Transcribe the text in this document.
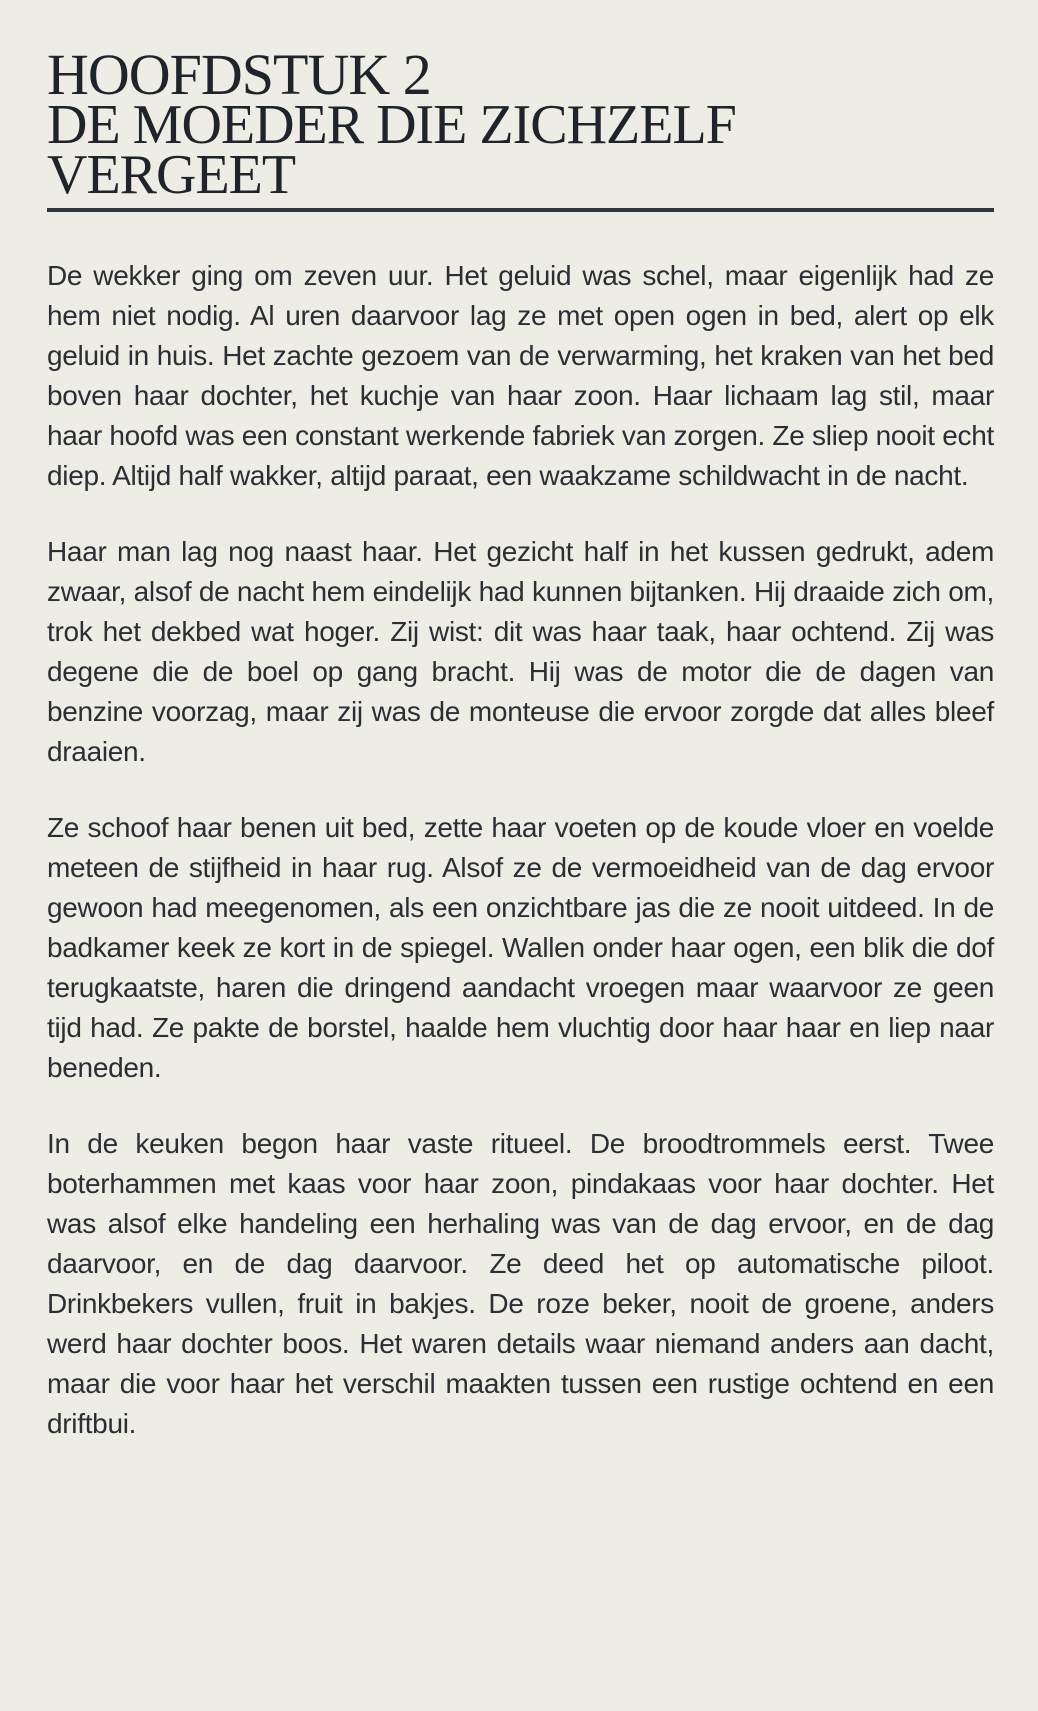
HOOFDSTUK 2
DE MOEDER DIE ZICHZELF VERGEET

De wekker ging om zeven uur. Het geluid was schel, maar eigenlijk had ze hem niet nodig. Al uren daarvoor lag ze met open ogen in bed, alert op elk geluid in huis. Het zachte gezoem van de verwarming, het kraken van het bed boven haar dochter, het kuchje van haar zoon. Haar lichaam lag stil, maar haar hoofd was een constant werkende fabriek van zorgen. Ze sliep nooit echt diep. Altijd half wakker, altijd paraat, een waakzame schildwacht in de nacht.

Haar man lag nog naast haar. Het gezicht half in het kussen gedrukt, adem zwaar, alsof de nacht hem eindelijk had kunnen bijtanken. Hij draaide zich om, trok het dekbed wat hoger. Zij wist: dit was haar taak, haar ochtend. Zij was degene die de boel op gang bracht. Hij was de motor die de dagen van benzine voorzag, maar zij was de monteuse die ervoor zorgde dat alles bleef draaien.

Ze schoof haar benen uit bed, zette haar voeten op de koude vloer en voelde meteen de stijfheid in haar rug. Alsof ze de vermoeidheid van de dag ervoor gewoon had meegenomen, als een onzichtbare jas die ze nooit uitdeed. In de badkamer keek ze kort in de spiegel. Wallen onder haar ogen, een blik die dof terugkaatste, haren die dringend aandacht vroegen maar waarvoor ze geen tijd had. Ze pakte de borstel, haalde hem vluchtig door haar haar en liep naar beneden.

In de keuken begon haar vaste ritueel. De broodtrommels eerst. Twee boterhammen met kaas voor haar zoon, pindakaas voor haar dochter. Het was alsof elke handeling een herhaling was van de dag ervoor, en de dag daarvoor, en de dag daarvoor. Ze deed het op automatische piloot. Drinkbekers vullen, fruit in bakjes. De roze beker, nooit de groene, anders werd haar dochter boos. Het waren details waar niemand anders aan dacht, maar die voor haar het verschil maakten tussen een rustige ochtend en een driftbui.
